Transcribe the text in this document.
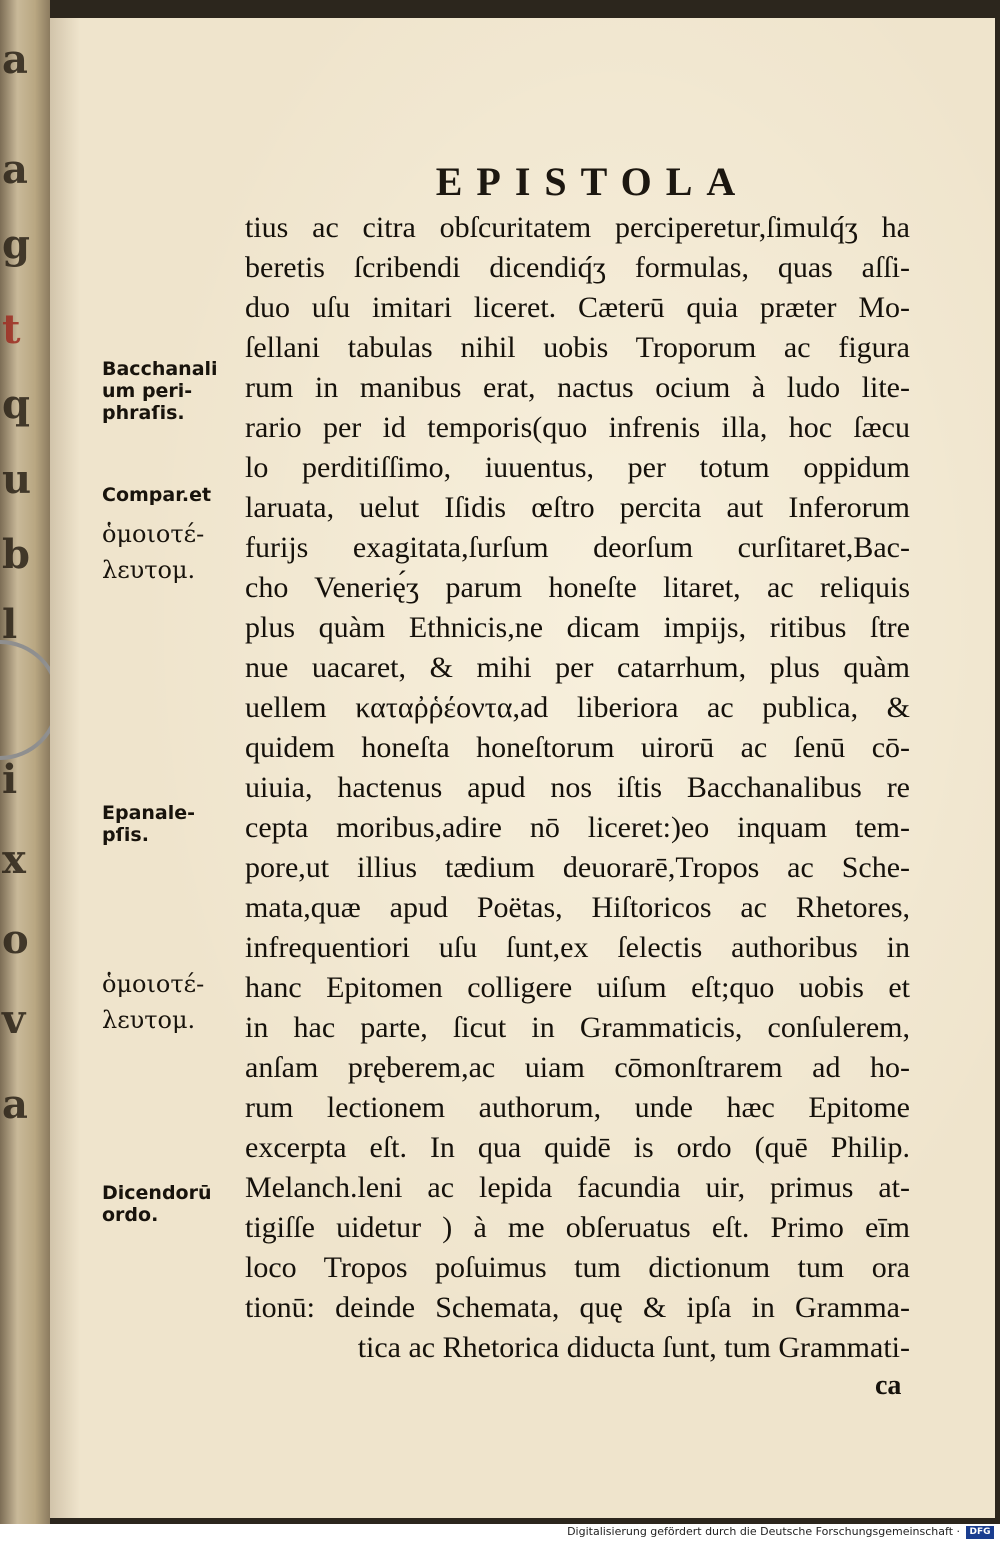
a
a
g
t
q
u
b
l
i
x
o
v
a
EPISTOLA
tius ac citra obſcuritatem perciperetur,ſimulq́ʒ ha
beretis ſcribendi dicendiq́ʒ formulas, quas aſſi‑
duo uſu imitari liceret. Cæterū quia præter Mo‑
ſellani tabulas nihil uobis Troporum ac figura
rum in manibus erat, nactus ocium à ludo lite‑
rario per id temporis(quo infrenis illa, hoc ſæcu
lo perditiſſimo, iuuentus, per totum oppidum
laruata, uelut Iſidis œſtro percita aut Inferorum
furijs exagitata,ſurſum deorſum curſitaret,Bac‑
cho Venerię́ʒ parum honeſte litaret, ac reliquis
plus quàm Ethnicis,ne dicam impijs, ritibus ſtre
nue uacaret, & mihi per catarrhum, plus quàm
uellem καταῤῥέοντα,ad liberiora ac publica, &
quidem honeſta honeſtorum uirorū ac ſenū cō‑
uiuia, hactenus apud nos iſtis Bacchanalibus re
cepta moribus,adire nō liceret:)eo inquam tem‑
pore,ut illius tædium deuorarē,Tropos ac Sche‑
mata,quæ apud Poëtas, Hiſtoricos ac Rhetores,
infrequentiori uſu ſunt,ex ſelectis authoribus in
hanc Epitomen colligere uiſum eſt;quo uobis et
in hac parte, ſicut in Grammaticis, conſulerem,
anſam pręberem,ac uiam cōmonſtrarem ad ho‑
rum lectionem authorum, unde hæc Epitome
excerpta eſt. In qua quidē is ordo (quē Philip.
Melanch.leni ac lepida facundia uir, primus at‑
tigiſſe uidetur ) à me obſeruatus eſt. Primo eīm
loco Tropos poſuimus tum dictionum tum ora
tionū: deinde Schemata, quę & ipſa in Gramma‑
tica ac Rhetorica diducta ſunt, tum Grammati‑
Bacchanali
um peri‑
phraſis.
Compar.et
ὁμοιοτέ‑
λευτομ.
Epanale‑
pſis.
ὁμοιοτέ‑
λευτομ.
Dicendorū
ordo.
ca
Digitalisierung gefördert durch die Deutsche Forschungsgemeinschaft ·	DFG
